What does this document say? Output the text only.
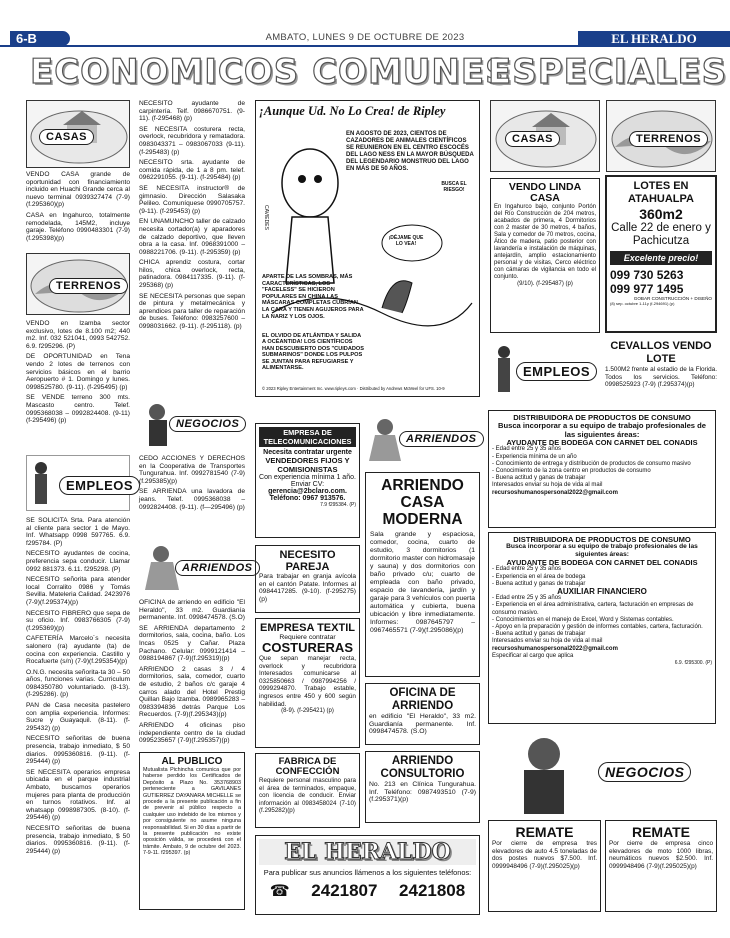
6-B	AMBATO, LUNES 9 DE OCTUBRE DE 2023	EL HERALDO
ECONOMICOS COMUNES
ESPECIALES
CASAS

VENDO CASA grande de oportunidad con financiamiento incluido en Huachi Grande cerca al nuevo terminal 0939327474 (7-9) (f.295360)(p)

CASA en Ingahurco, totalmente remodelada, 145M2, incluye garaje. Teléfono 0990483301 (7-9) (f.295398)(p)

TERRENOS

VENDO en Izamba sector exclusivo, lotes de 8.100 m2; 440 m2. Inf. 032 521041, 0993 542752. 6.9. f295296. (P)

DE OPORTUNIDAD en Tena vendo 2 lotes de terrenos con servicios básicos en el barrio Aeropuerto # 1. Domingo y lunes. 0998525780. (9-11). (f-295495) (p)

SE VENDE terreno 300 mts. Mascasto centro. Telef. 0995368038 – 0992824408. (9-11) (f-295496) (p)

EMPLEOS

SE SOLICITA Srta. Para atención al cliente para sector 1 de Mayo. Inf. Whatsapp 0998 597765. 6.9. f295784. (P)

NECESITO ayudantes de cocina, preferencia sepa conducir. Llamar 0992 881373. 6.11. f295298. (P)

NECESITO señorita para atender local Corralito 0986 y Tomás Sevilla. Mateleria Calidad. 2423976 (7-9)(f.295374)(p)

NECESITO FIBRERO que sepa de su oficio. Inf. 0983766305 (7-9)(f.295369)(p)

CAFETERÍA Marcelo´s necesita salonero (ra) ayudante (ta) de cocina con experiencia. Castillo y Rocafuerte (s/n) (7-9)(f.295354)(p)

O.N.G. necesita señorita-ta 30 – 50 años, funciones varias. Curriculum 0984350780 voluntariado. (8-13). (f-295286). (p)

PAN de Casa necesita pastelero con amplia experiencia. Informes: Sucre y Guayaquil. (8-11). (f-295432) (p)

NECESITO señoritas de buena presencia, trabajo inmediato, $ 50 diarios. 0995360816. (9-11). (f-295444) (p)

SE NECESITA operarios empresa ubicada en el parque industrial Ambato, buscamos operarios mujeres para planta de producción en turnos rotativos. Inf. al whatsapp 0998987305. (8-10). (f-295446) (p)

NECESITO señoritas de buena presencia, trabajo inmediato, $ 50 diarios. 0995360816. (9-11). (f-295444) (p)

NECESITO ayudante de carpintería. Telf. 0986670751. (9-11). (f-295468) (p)

SE NECESITA costurera recta, overlock, recubridora y rematadora. 0983043371 – 0983067033 (9-11). (f-295483) (p)

NECESITO srta. ayudante de comida rápida, de 1 a 8 pm. telef. 0962291055. (9-11). (f-295484) (p)

SE NECESITA instructor® de gimnasio. Dirección Salasaka Pelileo. Comuníquese 0990705757. (9-11). (f-295453) (p)

EN UNAMUNCHO taller de calzado necesita cortador(a) y aparadores de calzado deportivo, que lleven obra a la casa. Inf. 0968391000 – 0988221706. (9-11). (f-295359) (p)

CHICA aprendiz costura, cortar hilos, chica overlock, recta, patinadora. 0984117335. (9-11). (f-295368) (p)

SE NECESITA personas que sepan de pintura y metalmecánica y aprendices para taller de reparación de buses. Teléfono: 0983257600 – 0998031662. (9-11). (f-295118). (p)

NEGOCIOS

CEDO ACCIONES Y DERECHOS en la Cooperativa de Transportes Tungurahua. Inf. 0992781540 (7-9)(f.295385)(p)

SE ARRIENDA una lavadora de jeans. Telef. 0995368038 – 0992824408. (9-11). (f—295496) (p)

ARRIENDOS

OFICINA de arriendo en edificio "El Heraldo", 33 m2. Guardianía permanente. Inf. 0998474578. (S.O)

SE ARRIENDA departamento 2 dormitorios, sala, cocina, baño. Los Incas 0525 y Cañar. Plaza Pachano. Celular: 0999121414 – 0988194867 (7-9)(f.295319)(p)

ARRIENDO 2 casas 3 / 4 dormitorios, sala, comedor, cuarto de estudio, 2 baños c/c garaje 4 carros alado del Hotel Prestig Quillan Bajo Izamba. 0989965283 – 0983394836 detrás Parque Los Recuerdos. (7-9)(f.295343)(p)

ARRIENDO 4 oficinas piso independiente centro de la ciudad 0995235657 (7-9)(f.295357)(p)

AL PUBLICO
Mutualista Pichincha comunica que por haberse perdido los Certificados de Depósito a Plazo No. 353768903 perteneciente a GAVILANES GUTIERREZ DAYANARA MICHELLE se procede a la presente publicación a fin de prevenir al público respecto a cualquier uso indebido de los mismos y por consiguiente no asume ninguna responsabilidad. Si en 30 días a partir de la presente publicación no existe oposición válida, se procederá con el trámite. Ambato, 9 de octubre del 2023. 7-9-11. f295397. (p)
¡Aunque Ud. No Lo Crea! de Ripley
EN AGOSTO DE 2023, CIENTOS DE CAZADORES DE ANIMALES CIENTÍFICOS SE REUNIERON EN EL CENTRO ESCOCÉS DEL LAGO NESS EN LA MAYOR BÚSQUEDA DEL LEGENDARIO MONSTRUO DEL LAGO EN MÁS DE 50 AÑOS.
¡DÉJAME QUE LO VEA!
BUSCA EL RIESGO!
CAVIEDES
APARTE DE LAS SOMBRAS, MÁS CARACTERÍSTICAS, LOS "FACELESS" SE HICIERON POPULARES EN CHINA LAS MÁSCARAS COMPLETAS CUBRÍAN LA CARA Y TIENEN AGUJEROS PARA LA NARIZ Y LOS OJOS.
EL OLVIDO DE ATLÁNTIDA Y SALIDA A OCÉANTIDA! LOS CIENTÍFICOS HAN DESCUBIERTO DOS "CUIDADOS SUBMARINOS" DONDE LOS PULPOS SE JUNTAN PARA REFUGIARSE Y ALIMENTARSE.
© 2023 Ripley Entertainment Inc. www.ripleys.com · Distributed by Andrews McMeel for UFS. 10-9
EMPRESA DE TELECOMUNICACIONES
Necesita contratar urgente
VENDEDORES FIJOS Y COMISIONISTAS
Con experiencia mínima 1 año. Enviar CV:
gerencia@2bclaro.com.
Teléfono: 0967 913576.
7.9 f295384. (P)
NECESITO PAREJA
Para trabajar en granja avícola en el cantón Patate. Informes al 0984417285. (9-10). (f-295275) (p)
EMPRESA TEXTIL
Requiere contratar
COSTURERAS
Que sepan manejar recta, overlock y recubridora Interesados comunicarse al 0325850663 / 0987994256 / 0999294870. Trabajo estable, ingresos entre 450 y 600 según habilidad.
(8-9). (f-295421) (p)
FABRICA DE CONFECCIÓN
Requiere personal masculino para el área de terminados, empaque, con licencia de conducir. Enviar información al 0983458024 (7-10) (f.295282)(p)
ARRIENDOS
ARRIENDO CASA MODERNA
Sala grande y espaciosa, comedor, cocina, cuarto de estudio, 3 dormitorios (1 dormitorio master con hidromasaje y sauna) y dos dormitorios con baño privado c/u; cuarto de empleada con baño privado, espacio de lavandería, jardín y garaje para 3 vehículos con puerta automática y cubierta, buena ubicación y libre inmediatamente. Informes: 0987645797 – 0967465571 (7-9)(f.295086)(p)
OFICINA DE ARRIENDO
en edificio "El Heraldo", 33 m2. Guardianía permanente. Inf. 0998474578. (S.O)
ARRIENDO CONSULTORIO
No. 213 en Clínica Tungurahua. Inf. Teléfono: 0987493510 (7-9)(f.295371)(p)
EL HERALDO
Para publicar sus anuncios llámenos a los siguientes teléfonos:
☎ 2421807 2421808
CASAS	TERRENOS
VENDO LINDA CASA
En Ingahurco bajo, conjunto Portón del Río Construcción de 204 metros, acabados de primera, 4 Dormitorios con 2 master de 30 metros, 4 baños, Sala y comedor de 70 metros, cocina, Ático de madera, patio posterior con lavandería e instalación de máquinas, antejardín, amplio estacionamiento personal y de visitas, Cerco eléctrico con cámaras de vigilancia en todo el conjunto.
(9/10). (f-295487) (p)
LOTES EN ATAHUALPA
360m2
Calle 22 de enero y Pachicutza
Excelente precio!
099 730 5263
099 977 1495
GOBAR CONSTRUCCIÓN + DISEÑO
(8) sep. octubre 1-11y (f-294691) (p)
EMPLEOS
CEVALLOS VENDO LOTE
1.500M2 frente al estadio de la Florida. Todos los servicios. Teléfono: 0998525923 (7-9) (f.295374)(p)
DISTRIBUIDORA DE PRODUCTOS DE CONSUMO
Busca incorporar a su equipo de trabajo profesionales de las siguientes áreas:
AYUDANTE DE BODEGA CON CARNET DEL CONADIS
- Edad entre 25 y 35 años
- Experiencia mínima de un año
- Conocimiento de entrega y distribución de productos de consumo masivo
- Conocimiento de la zona centro en productos de consumo
- Buena actitud y ganas de trabajar
Interesados enviar su hoja de vida al mail
recursoshumanospersonal2022@gmail.com
DISTRIBUIDORA DE PRODUCTOS DE CONSUMO
Busca incorporar a su equipo de trabajo profesionales de las siguientes áreas:
AYUDANTE DE BODEGA CON CARNET DEL CONADIS
- Edad entre 25 y 35 años
- Experiencia en el área de bodega
- Buena actitud y ganas de trabajar
AUXILIAR FINANCIERO
- Edad entre 25 y 35 años
- Experiencia en el área administrativa, cartera, facturación en empresas de consumo masivo.
- Conocimientos en el manejo de Excel, Word y Sistemas contables.
- Apoyo en la preparación y gestión de informes contables, cartera, facturación.
- Buena actitud y ganas de trabajar
Interesados enviar su hoja de vida al mail
recursoshumanospersonal2022@gmail.com
Especificar al cargo que aplica
6.9. f295300. (P)
NEGOCIOS
REMATE
Por cierre de empresa tres elevadores de auto 4.5 toneladas de dos postes nuevos $7.500. Inf. 0999948496 (7-9)(f.295025)(p)
REMATE
Por cierre de empresa cinco elevadores de moto 1000 libras, neumáticos nuevos $2.500. Inf. 0999948496 (7-9)(f.295025)(p)
